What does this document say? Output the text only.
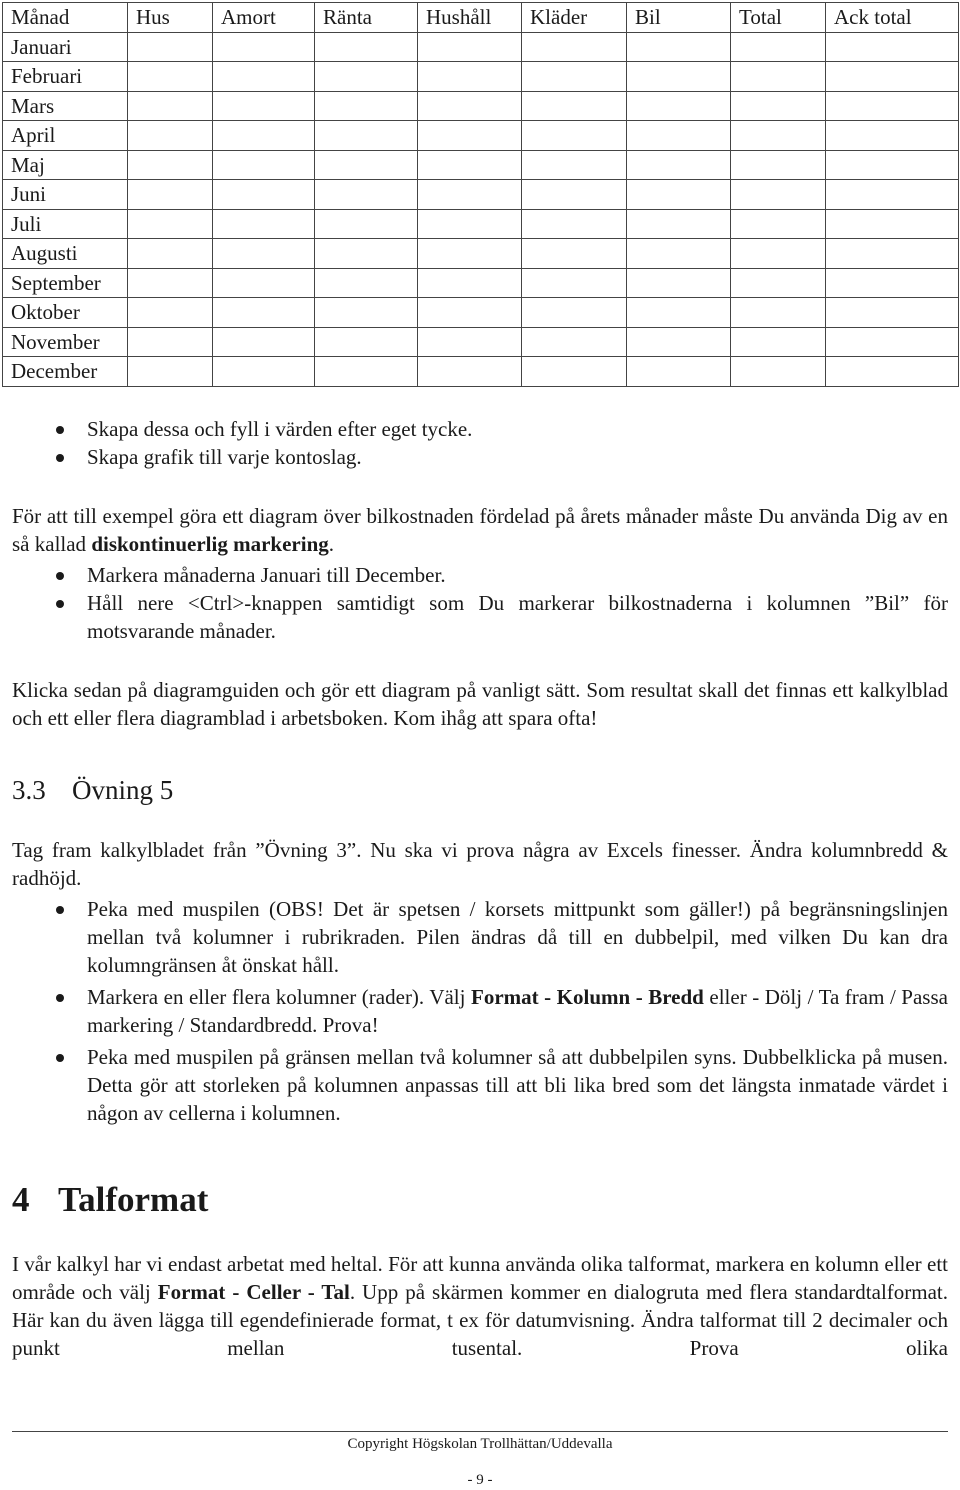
Månad	Hus	Amort	Ränta	Hushåll	Kläder	Bil	Total	Ack total
Januari								
Februari								
Mars								
April								
Maj								
Juni								
Juli								
Augusti								
September								
Oktober								
November								
December								
Skapa dessa och fyll i värden efter eget tycke.
Skapa grafik till varje kontoslag.

För att till exempel göra ett diagram över bilkostnaden fördelad på årets månader måste Du använda Dig av en så kallad diskontinuerlig markering.

Markera månaderna Januari till December.
Håll nere <Ctrl>-knappen samtidigt som Du markerar bilkostnaderna i kolumnen ”Bil” för motsvarande månader.

Klicka sedan på diagramguiden och gör ett diagram på vanligt sätt. Som resultat skall det finnas ett kalkylblad och ett eller flera diagramblad i arbetsboken. Kom ihåg att spara ofta!

3.3 Övning 5

Tag fram kalkylbladet från ”Övning 3”. Nu ska vi prova några av Excels finesser. Ändra kolumnbredd & radhöjd.

Peka med muspilen (OBS! Det är spetsen / korsets mittpunkt som gäller!) på begränsningslinjen mellan två kolumner i rubrikraden. Pilen ändras då till en dubbelpil, med vilken Du kan dra kolumngränsen åt önskat håll.
Markera en eller flera kolumner (rader). Välj Format - Kolumn - Bredd eller - Dölj / Ta fram / Passa markering / Standardbredd. Prova!
Peka med muspilen på gränsen mellan två kolumner så att dubbelpilen syns. Dubbelklicka på musen. Detta gör att storleken på kolumnen anpassas till att bli lika bred som det längsta inmatade värdet i någon av cellerna i kolumnen.
4 Talformat

I vår kalkyl har vi endast arbetat med heltal. För att kunna använda olika talformat, markera en kolumn eller ett område och välj Format - Celler - Tal. Upp på skärmen kommer en dialogruta med flera standardtalformat. Här kan du även lägga till egendefinierade format, t ex för datumvisning. Ändra talformat till 2 decimaler och punkt mellan tusental. Prova olika

Copyright Högskolan Trollhättan/Uddevalla

- 9 -
